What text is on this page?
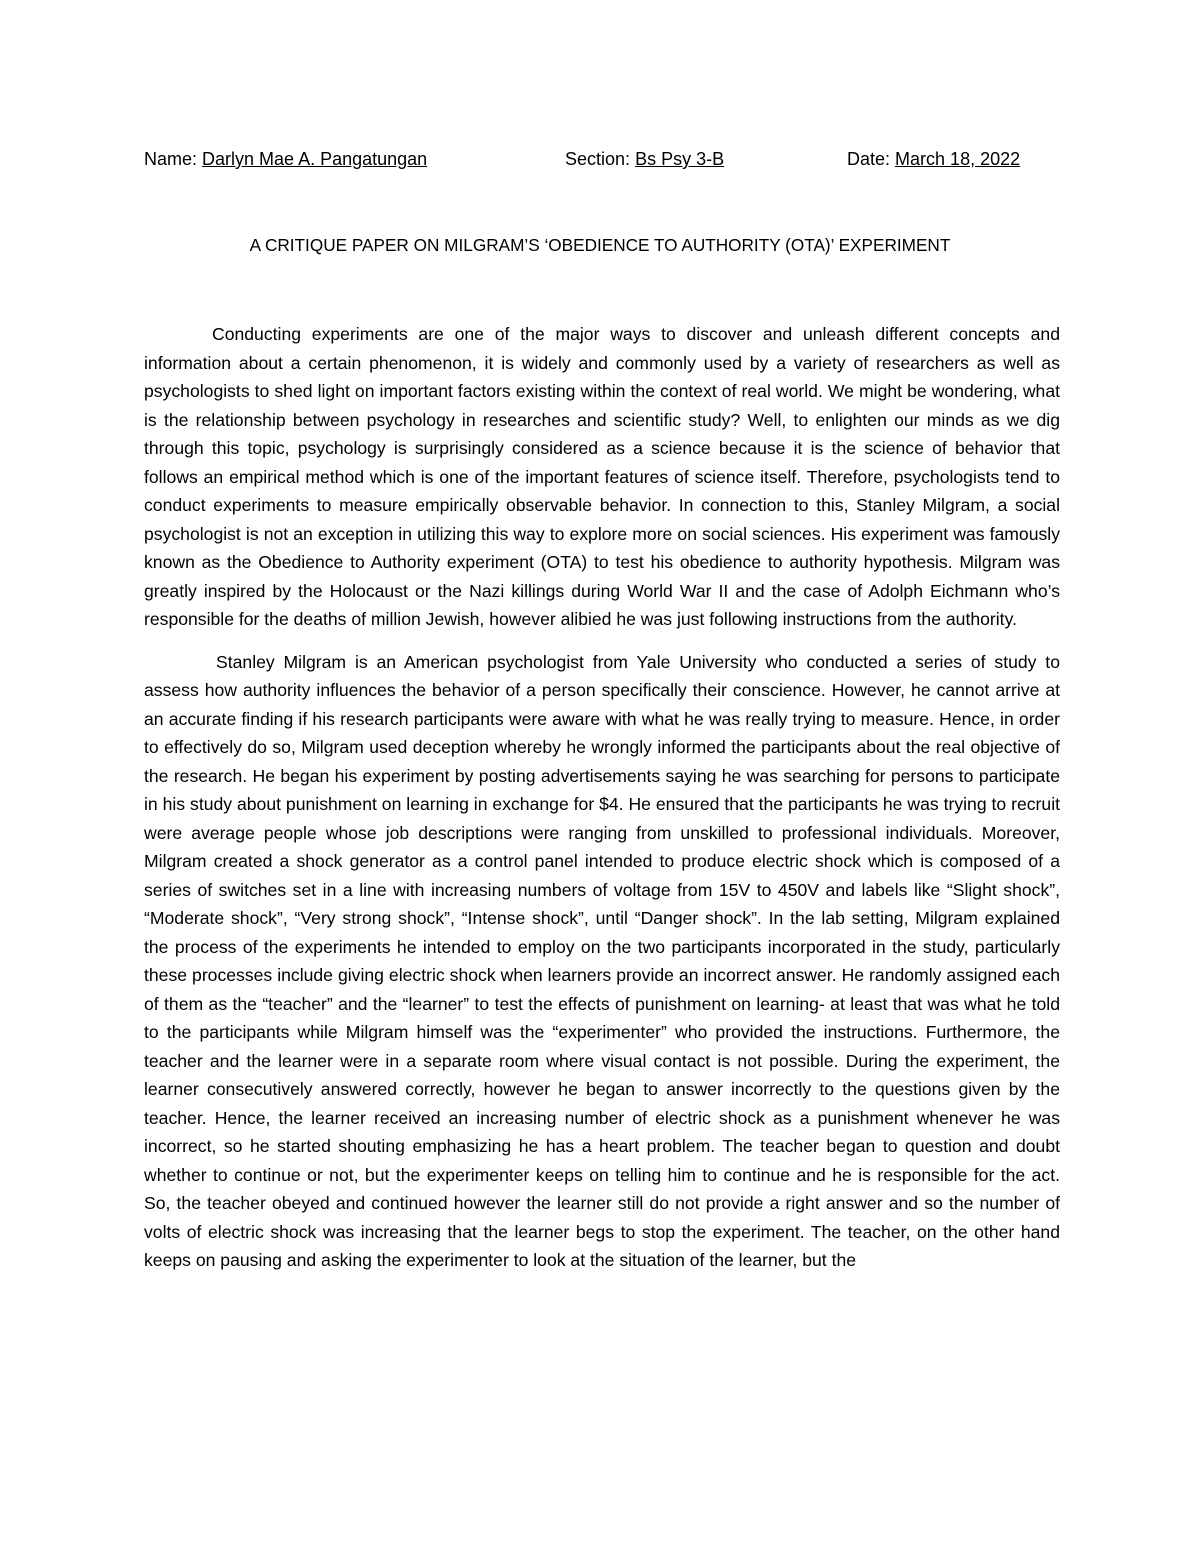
Name: Darlyn Mae A. Pangatungan	Section: Bs Psy 3-B	Date: March 18, 2022
A CRITIQUE PAPER ON MILGRAM’S ‘OBEDIENCE TO AUTHORITY (OTA)’ EXPERIMENT

Conducting experiments are one of the major ways to discover and unleash different concepts and information about a certain phenomenon, it is widely and commonly used by a variety of researchers as well as psychologists to shed light on important factors existing within the context of real world. We might be wondering, what is the relationship between psychology in researches and scientific study? Well, to enlighten our minds as we dig through this topic, psychology is surprisingly considered as a science because it is the science of behavior that follows an empirical method which is one of the important features of science itself. Therefore, psychologists tend to conduct experiments to measure empirically observable behavior. In connection to this, Stanley Milgram, a social psychologist is not an exception in utilizing this way to explore more on social sciences. His experiment was famously known as the Obedience to Authority experiment (OTA) to test his obedience to authority hypothesis. Milgram was greatly inspired by the Holocaust or the Nazi killings during World War II and the case of Adolph Eichmann who’s responsible for the deaths of million Jewish, however alibied he was just following instructions from the authority.

Stanley Milgram is an American psychologist from Yale University who conducted a series of study to assess how authority influences the behavior of a person specifically their conscience. However, he cannot arrive at an accurate finding if his research participants were aware with what he was really trying to measure. Hence, in order to effectively do so, Milgram used deception whereby he wrongly informed the participants about the real objective of the research. He began his experiment by posting advertisements saying he was searching for persons to participate in his study about punishment on learning in exchange for $4. He ensured that the participants he was trying to recruit were average people whose job descriptions were ranging from unskilled to professional individuals. Moreover, Milgram created a shock generator as a control panel intended to produce electric shock which is composed of a series of switches set in a line with increasing numbers of voltage from 15V to 450V and labels like “Slight shock”, “Moderate shock”, “Very strong shock”, “Intense shock”, until “Danger shock”. In the lab setting, Milgram explained the process of the experiments he intended to employ on the two participants incorporated in the study, particularly these processes include giving electric shock when learners provide an incorrect answer. He randomly assigned each of them as the “teacher” and the “learner” to test the effects of punishment on learning- at least that was what he told to the participants while Milgram himself was the “experimenter” who provided the instructions. Furthermore, the teacher and the learner were in a separate room where visual contact is not possible. During the experiment, the learner consecutively answered correctly, however he began to answer incorrectly to the questions given by the teacher. Hence, the learner received an increasing number of electric shock as a punishment whenever he was incorrect, so he started shouting emphasizing he has a heart problem. The teacher began to question and doubt whether to continue or not, but the experimenter keeps on telling him to continue and he is responsible for the act. So, the teacher obeyed and continued however the learner still do not provide a right answer and so the number of volts of electric shock was increasing that the learner begs to stop the experiment. The teacher, on the other hand keeps on pausing and asking the experimenter to look at the situation of the learner, but the
